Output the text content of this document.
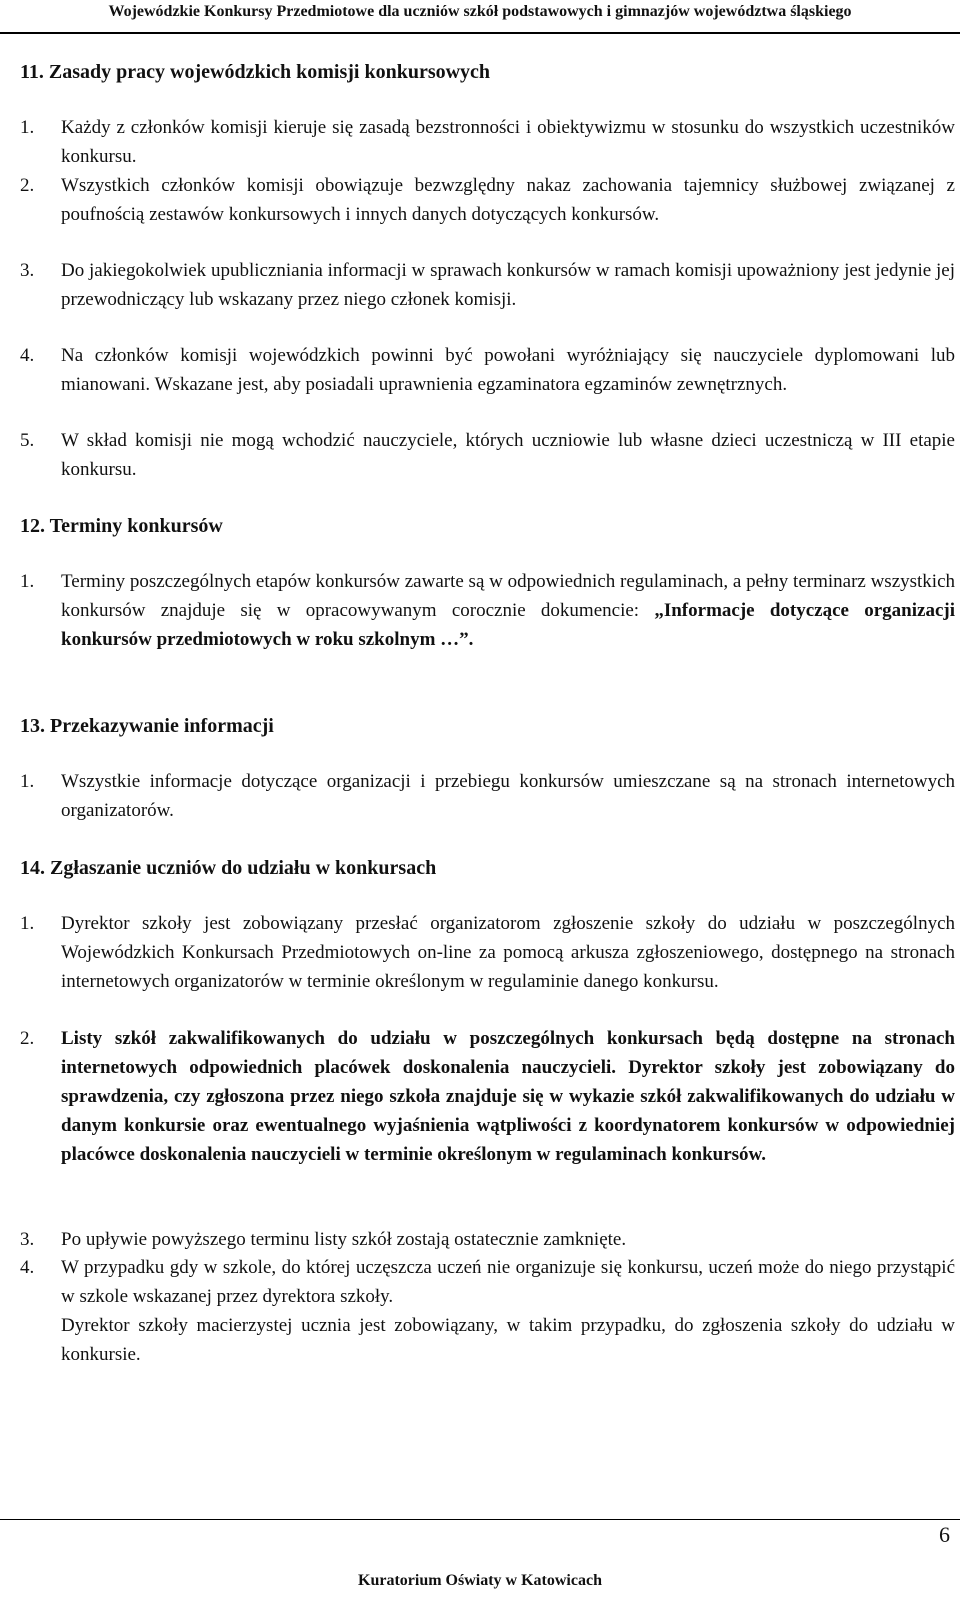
Wojewódzkie Konkursy Przedmiotowe dla uczniów szkół podstawowych i gimnazjów województwa śląskiego
11. Zasady pracy wojewódzkich komisji konkursowych
1. Każdy z członków komisji kieruje się zasadą bezstronności i obiektywizmu w stosunku do wszystkich uczestników konkursu.
2. Wszystkich członków komisji obowiązuje bezwzględny nakaz zachowania tajemnicy służbowej związanej z poufnością zestawów konkursowych i innych danych dotyczących konkursów.
3. Do jakiegokolwiek upubliczniania informacji w sprawach konkursów w ramach komisji upoważniony jest jedynie jej przewodniczący lub wskazany przez niego członek komisji.
4. Na członków komisji wojewódzkich powinni być powołani wyróżniający się nauczyciele dyplomowani lub mianowani. Wskazane jest, aby posiadali uprawnienia egzaminatora egzaminów zewnętrznych.
5. W skład komisji nie mogą wchodzić nauczyciele, których uczniowie lub własne dzieci uczestniczą w III etapie konkursu.
12. Terminy konkursów
1. Terminy poszczególnych etapów konkursów zawarte są w odpowiednich regulaminach, a pełny terminarz wszystkich konkursów znajduje się w opracowywanym corocznie dokumencie: „Informacje dotyczące organizacji konkursów przedmiotowych w roku szkolnym …”.
13. Przekazywanie informacji
1. Wszystkie informacje dotyczące organizacji i przebiegu konkursów umieszczane są na stronach internetowych organizatorów.
14. Zgłaszanie uczniów do udziału w konkursach
1. Dyrektor szkoły jest zobowiązany przesłać organizatorom zgłoszenie szkoły do udziału w poszczególnych Wojewódzkich Konkursach Przedmiotowych on-line za pomocą arkusza zgłoszeniowego, dostępnego na stronach internetowych organizatorów w terminie określonym w regulaminie danego konkursu.
2. Listy szkół zakwalifikowanych do udziału w poszczególnych konkursach będą dostępne na stronach internetowych odpowiednich placówek doskonalenia nauczycieli. Dyrektor szkoły jest zobowiązany do sprawdzenia, czy zgłoszona przez niego szkoła znajduje się w wykazie szkół zakwalifikowanych do udziału w danym konkursie oraz ewentualnego wyjaśnienia wątpliwości z koordynatorem konkursów w odpowiedniej placówce doskonalenia nauczycieli w terminie określonym w regulaminach konkursów.
3. Po upływie powyższego terminu listy szkół zostają ostatecznie zamknięte.
4. W przypadku gdy w szkole, do której uczęszcza uczeń nie organizuje się konkursu, uczeń może do niego przystąpić w szkole wskazanej przez dyrektora szkoły.
Dyrektor szkoły macierzystej ucznia jest zobowiązany, w takim przypadku, do zgłoszenia szkoły do udziału w konkursie.
6
Kuratorium Oświaty w Katowicach
